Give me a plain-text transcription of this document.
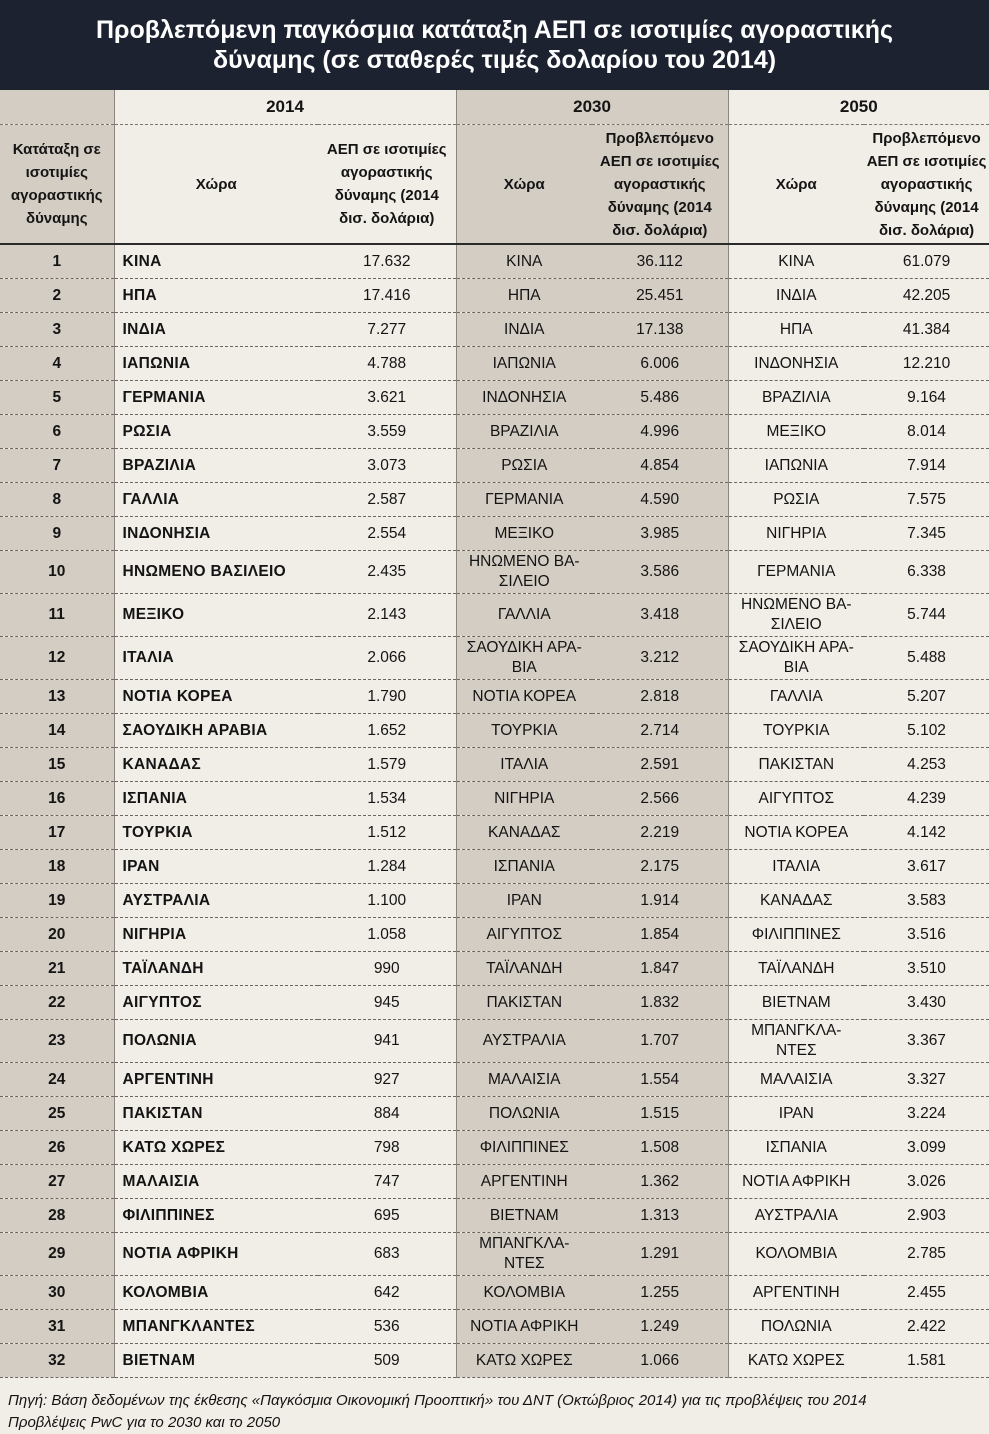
Προβλεπόμενη παγκόσμια κατάταξη ΑΕΠ σε ισοτιμίες αγοραστικής
δύναμης (σε σταθερές τιμές δολαρίου του 2014)
	2014		2030		2050	
Κατάταξη σε ισοτιμίες αγοραστικής δύναμης	Χώρα	ΑΕΠ σε ισοτιμίες αγοραστικής δύναμης (2014 δισ. δολάρια)	Χώρα	Προβλεπόμενο ΑΕΠ σε ισοτιμίες αγοραστικής δύναμης (2014 δισ. δολάρια)	Χώρα	Προβλεπόμενο ΑΕΠ σε ισοτιμίες αγοραστικής δύναμης (2014 δισ. δολάρια)
1	ΚΙΝΑ	17.632	ΚΙΝΑ	36.112	ΚΙΝΑ	61.079
2	ΗΠΑ	17.416	ΗΠΑ	25.451	ΙΝΔΙΑ	42.205
3	ΙΝΔΙΑ	7.277	ΙΝΔΙΑ	17.138	ΗΠΑ	41.384
4	ΙΑΠΩΝΙΑ	4.788	ΙΑΠΩΝΙΑ	6.006	ΙΝΔΟΝΗΣΙΑ	12.210
5	ΓΕΡΜΑΝΙΑ	3.621	ΙΝΔΟΝΗΣΙΑ	5.486	ΒΡΑΖΙΛΙΑ	9.164
6	ΡΩΣΙΑ	3.559	ΒΡΑΖΙΛΙΑ	4.996	ΜΕΞΙΚΟ	8.014
7	ΒΡΑΖΙΛΙΑ	3.073	ΡΩΣΙΑ	4.854	ΙΑΠΩΝΙΑ	7.914
8	ΓΑΛΛΙΑ	2.587	ΓΕΡΜΑΝΙΑ	4.590	ΡΩΣΙΑ	7.575
9	ΙΝΔΟΝΗΣΙΑ	2.554	ΜΕΞΙΚΟ	3.985	ΝΙΓΗΡΙΑ	7.345
10	ΗΝΩΜΕΝΟ ΒΑΣΙΛΕΙΟ	2.435	ΗΝΩΜΕΝΟ ΒΑ-
ΣΙΛΕΙΟ	3.586	ΓΕΡΜΑΝΙΑ	6.338
11	ΜΕΞΙΚΟ	2.143	ΓΑΛΛΙΑ	3.418	ΗΝΩΜΕΝΟ ΒΑ-
ΣΙΛΕΙΟ	5.744
12	ΙΤΑΛΙΑ	2.066	ΣΑΟΥΔΙΚΗ ΑΡΑ-
ΒΙΑ	3.212	ΣΑΟΥΔΙΚΗ ΑΡΑ-
ΒΙΑ	5.488
13	ΝΟΤΙΑ ΚΟΡΕΑ	1.790	ΝΟΤΙΑ ΚΟΡΕΑ	2.818	ΓΑΛΛΙΑ	5.207
14	ΣΑΟΥΔΙΚΗ ΑΡΑΒΙΑ	1.652	ΤΟΥΡΚΙΑ	2.714	ΤΟΥΡΚΙΑ	5.102
15	ΚΑΝΑΔΑΣ	1.579	ΙΤΑΛΙΑ	2.591	ΠΑΚΙΣΤΑΝ	4.253
16	ΙΣΠΑΝΙΑ	1.534	ΝΙΓΗΡΙΑ	2.566	ΑΙΓΥΠΤΟΣ	4.239
17	ΤΟΥΡΚΙΑ	1.512	ΚΑΝΑΔΑΣ	2.219	ΝΟΤΙΑ ΚΟΡΕΑ	4.142
18	ΙΡΑΝ	1.284	ΙΣΠΑΝΙΑ	2.175	ΙΤΑΛΙΑ	3.617
19	ΑΥΣΤΡΑΛΙΑ	1.100	ΙΡΑΝ	1.914	ΚΑΝΑΔΑΣ	3.583
20	ΝΙΓΗΡΙΑ	1.058	ΑΙΓΥΠΤΟΣ	1.854	ΦΙΛΙΠΠΙΝΕΣ	3.516
21	ΤΑΪΛΑΝΔΗ	990	ΤΑΪΛΑΝΔΗ	1.847	ΤΑΪΛΑΝΔΗ	3.510
22	ΑΙΓΥΠΤΟΣ	945	ΠΑΚΙΣΤΑΝ	1.832	ΒΙΕΤΝΑΜ	3.430
23	ΠΟΛΩΝΙΑ	941	ΑΥΣΤΡΑΛΙΑ	1.707	ΜΠΑΝΓΚΛΑ-
ΝΤΕΣ	3.367
24	ΑΡΓΕΝΤΙΝΗ	927	ΜΑΛΑΙΣΙΑ	1.554	ΜΑΛΑΙΣΙΑ	3.327
25	ΠΑΚΙΣΤΑΝ	884	ΠΟΛΩΝΙΑ	1.515	ΙΡΑΝ	3.224
26	ΚΑΤΩ ΧΩΡΕΣ	798	ΦΙΛΙΠΠΙΝΕΣ	1.508	ΙΣΠΑΝΙΑ	3.099
27	ΜΑΛΑΙΣΙΑ	747	ΑΡΓΕΝΤΙΝΗ	1.362	ΝΟΤΙΑ ΑΦΡΙΚΗ	3.026
28	ΦΙΛΙΠΠΙΝΕΣ	695	ΒΙΕΤΝΑΜ	1.313	ΑΥΣΤΡΑΛΙΑ	2.903
29	ΝΟΤΙΑ ΑΦΡΙΚΗ	683	ΜΠΑΝΓΚΛΑ-
ΝΤΕΣ	1.291	ΚΟΛΟΜΒΙΑ	2.785
30	ΚΟΛΟΜΒΙΑ	642	ΚΟΛΟΜΒΙΑ	1.255	ΑΡΓΕΝΤΙΝΗ	2.455
31	ΜΠΑΝΓΚΛΑΝΤΕΣ	536	ΝΟΤΙΑ ΑΦΡΙΚΗ	1.249	ΠΟΛΩΝΙΑ	2.422
32	ΒΙΕΤΝΑΜ	509	ΚΑΤΩ ΧΩΡΕΣ	1.066	ΚΑΤΩ ΧΩΡΕΣ	1.581
Πηγή: Βάση δεδομένων της έκθεσης «Παγκόσμια Οικονομική Προοπτική» του ΔΝΤ (Οκτώβριος 2014) για τις προβλέψεις του 2014
Προβλέψεις PwC για το 2030 και το 2050
